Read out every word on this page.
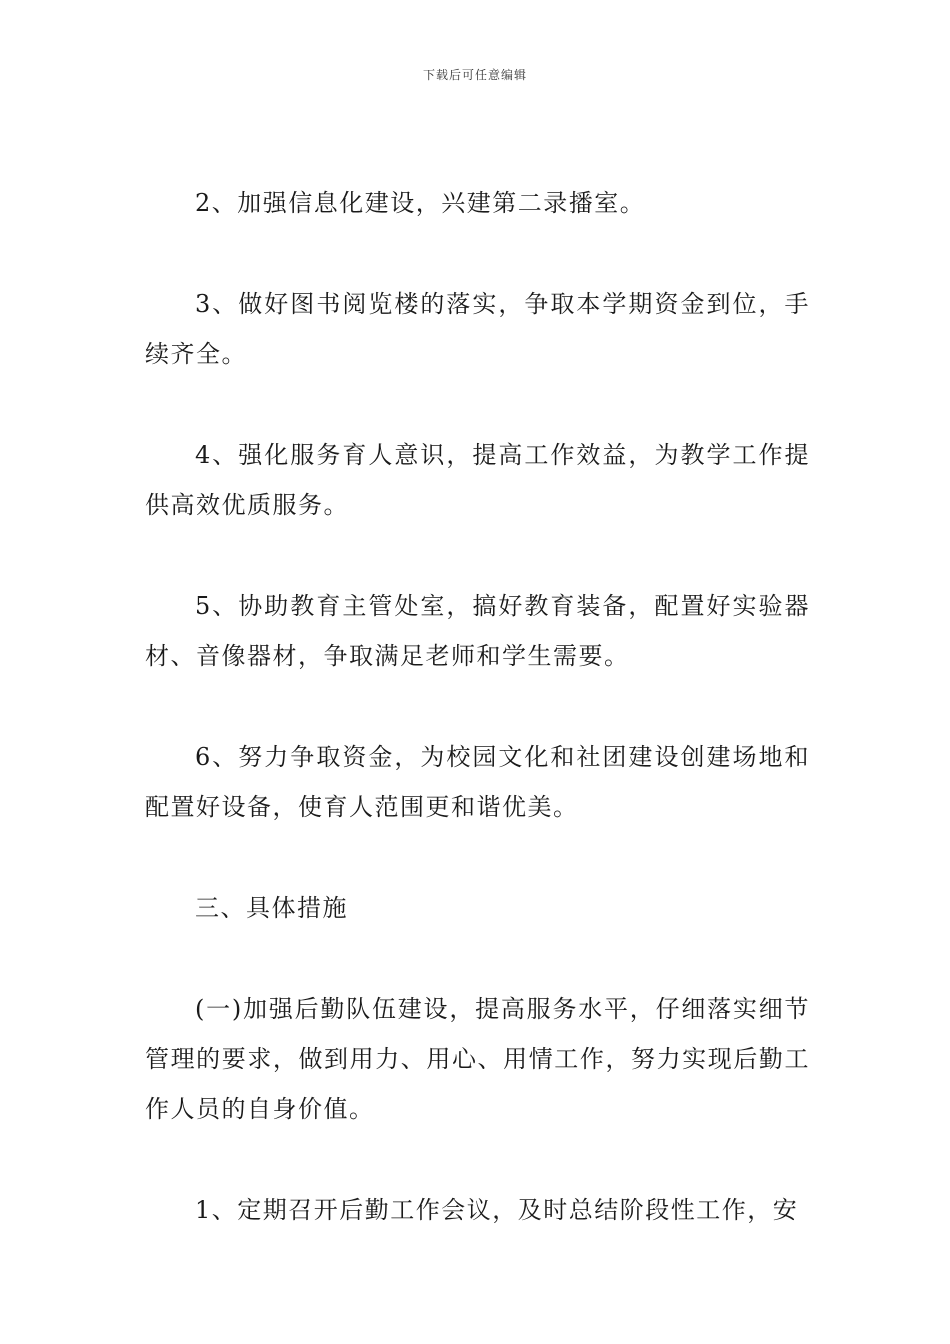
下载后可任意编辑

2、加强信息化建设，兴建第二录播室。

3、做好图书阅览楼的落实，争取本学期资金到位，手续齐全。

4、强化服务育人意识，提高工作效益，为教学工作提供高效优质服务。

5、协助教育主管处室，搞好教育装备，配置好实验器材、音像器材，争取满足老师和学生需要。

6、努力争取资金，为校园文化和社团建设创建场地和配置好设备，使育人范围更和谐优美。

三、具体措施

(一)加强后勤队伍建设，提高服务水平，仔细落实细节管理的要求，做到用力、用心、用情工作，努力实现后勤工作人员的自身价值。

1、定期召开后勤工作会议，及时总结阶段性工作，安
